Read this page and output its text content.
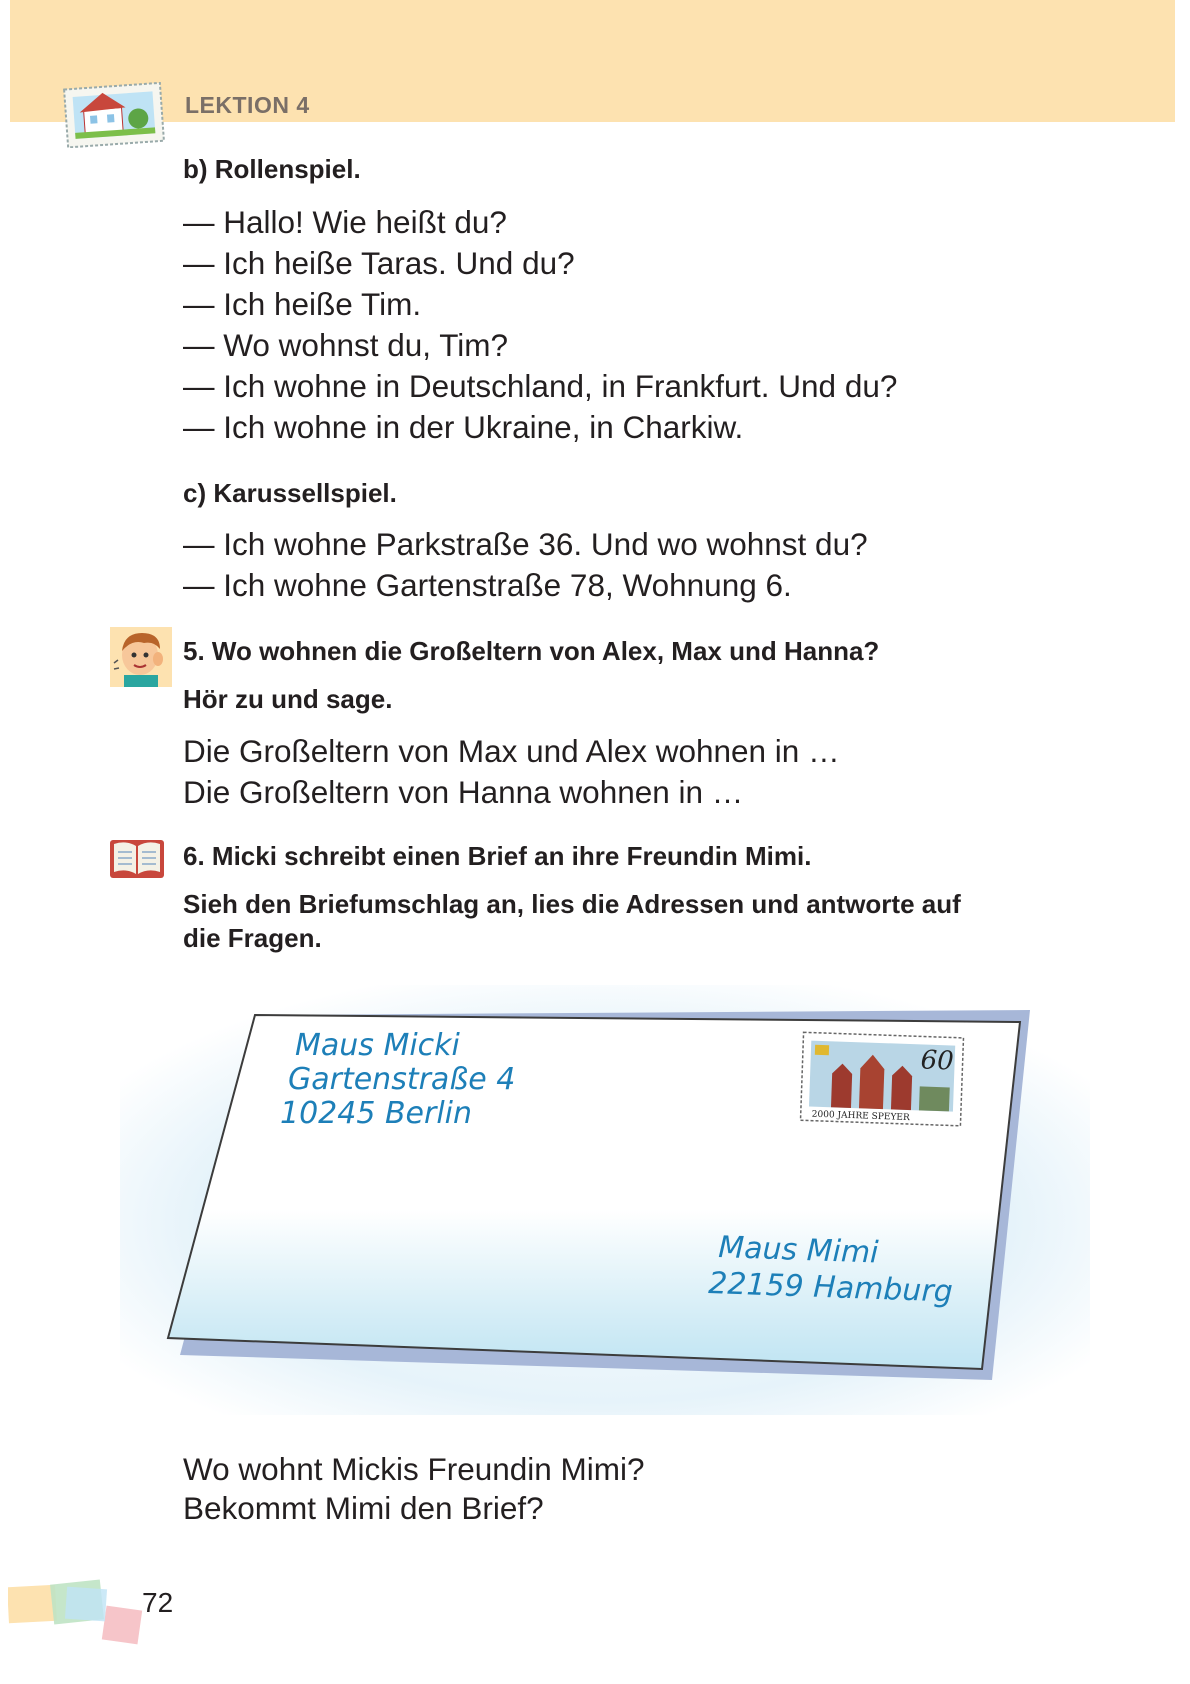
LEKTION 4
b) Rollenspiel.
— Hallo! Wie heißt du?
— Ich heiße Taras. Und du?
— Ich heiße Tim.
— Wo wohnst du, Tim?
— Ich wohne in Deutschland, in Frankfurt. Und du?
— Ich wohne in der Ukraine, in Charkiw.
c) Karussellspiel.
— Ich wohne Parkstraße 36. Und wo wohnst du?
— Ich wohne Gartenstraße 78, Wohnung 6.
5. Wo wohnen die Großeltern von Alex, Max und Hanna?
Hör zu und sage.
Die Großeltern von Max und Alex wohnen in …
Die Großeltern von Hanna wohnen in …
6. Micki schreibt einen Brief an ihre Freundin Mimi.
Sieh den Briefumschlag an, lies die Adressen und antworte auf
die Fragen.
60
2000 JAHRE SPEYER
Maus Micki
Gartenstraße 4
10245 Berlin
Maus Mimi
22159 Hamburg
Wo wohnt Mickis Freundin Mimi?
Bekommt Mimi den Brief?
72
